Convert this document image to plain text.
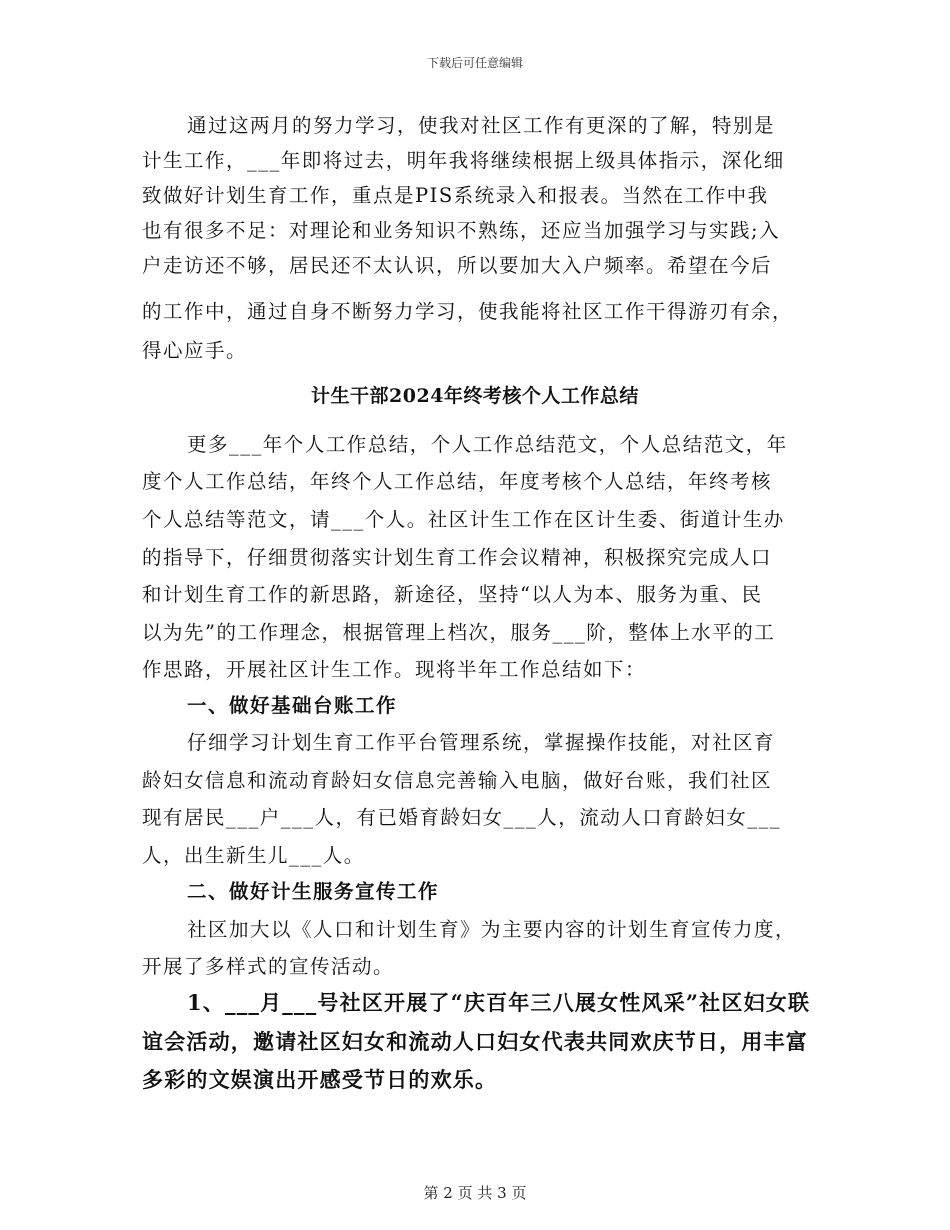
下载后可任意编辑
通过这两月的努力学习，使我对社区工作有更深的了解，特别是
计生工作，___年即将过去，明年我将继续根据上级具体指示，深化细
致做好计划生育工作，重点是PIS系统录入和报表。当然在工作中我
也有很多不足：对理论和业务知识不熟练，还应当加强学习与实践;入
户走访还不够，居民还不太认识，所以要加大入户频率。希望在今后
的工作中，通过自身不断努力学习，使我能将社区工作干得游刃有余，
得心应手。
计生干部2024年终考核个人工作总结
更多___年个人工作总结，个人工作总结范文，个人总结范文，年
度个人工作总结，年终个人工作总结，年度考核个人总结，年终考核
个人总结等范文，请___个人。社区计生工作在区计生委、街道计生办
的指导下，仔细贯彻落实计划生育工作会议精神，积极探究完成人口
和计划生育工作的新思路，新途径，坚持“以人为本、服务为重、民
以为先”的工作理念，根据管理上档次，服务___阶，整体上水平的工
作思路，开展社区计生工作。现将半年工作总结如下：
一、做好基础台账工作
仔细学习计划生育工作平台管理系统，掌握操作技能，对社区育
龄妇女信息和流动育龄妇女信息完善输入电脑，做好台账，我们社区
现有居民___户___人，有已婚育龄妇女___人，流动人口育龄妇女___
人，出生新生儿___人。
二、做好计生服务宣传工作
社区加大以《人口和计划生育》为主要内容的计划生育宣传力度，
开展了多样式的宣传活动。
1、___月___号社区开展了“庆百年三八展女性风采”社区妇女联
谊会活动，邀请社区妇女和流动人口妇女代表共同欢庆节日，用丰富
多彩的文娱演出开感受节日的欢乐。
第 2 页 共 3 页
